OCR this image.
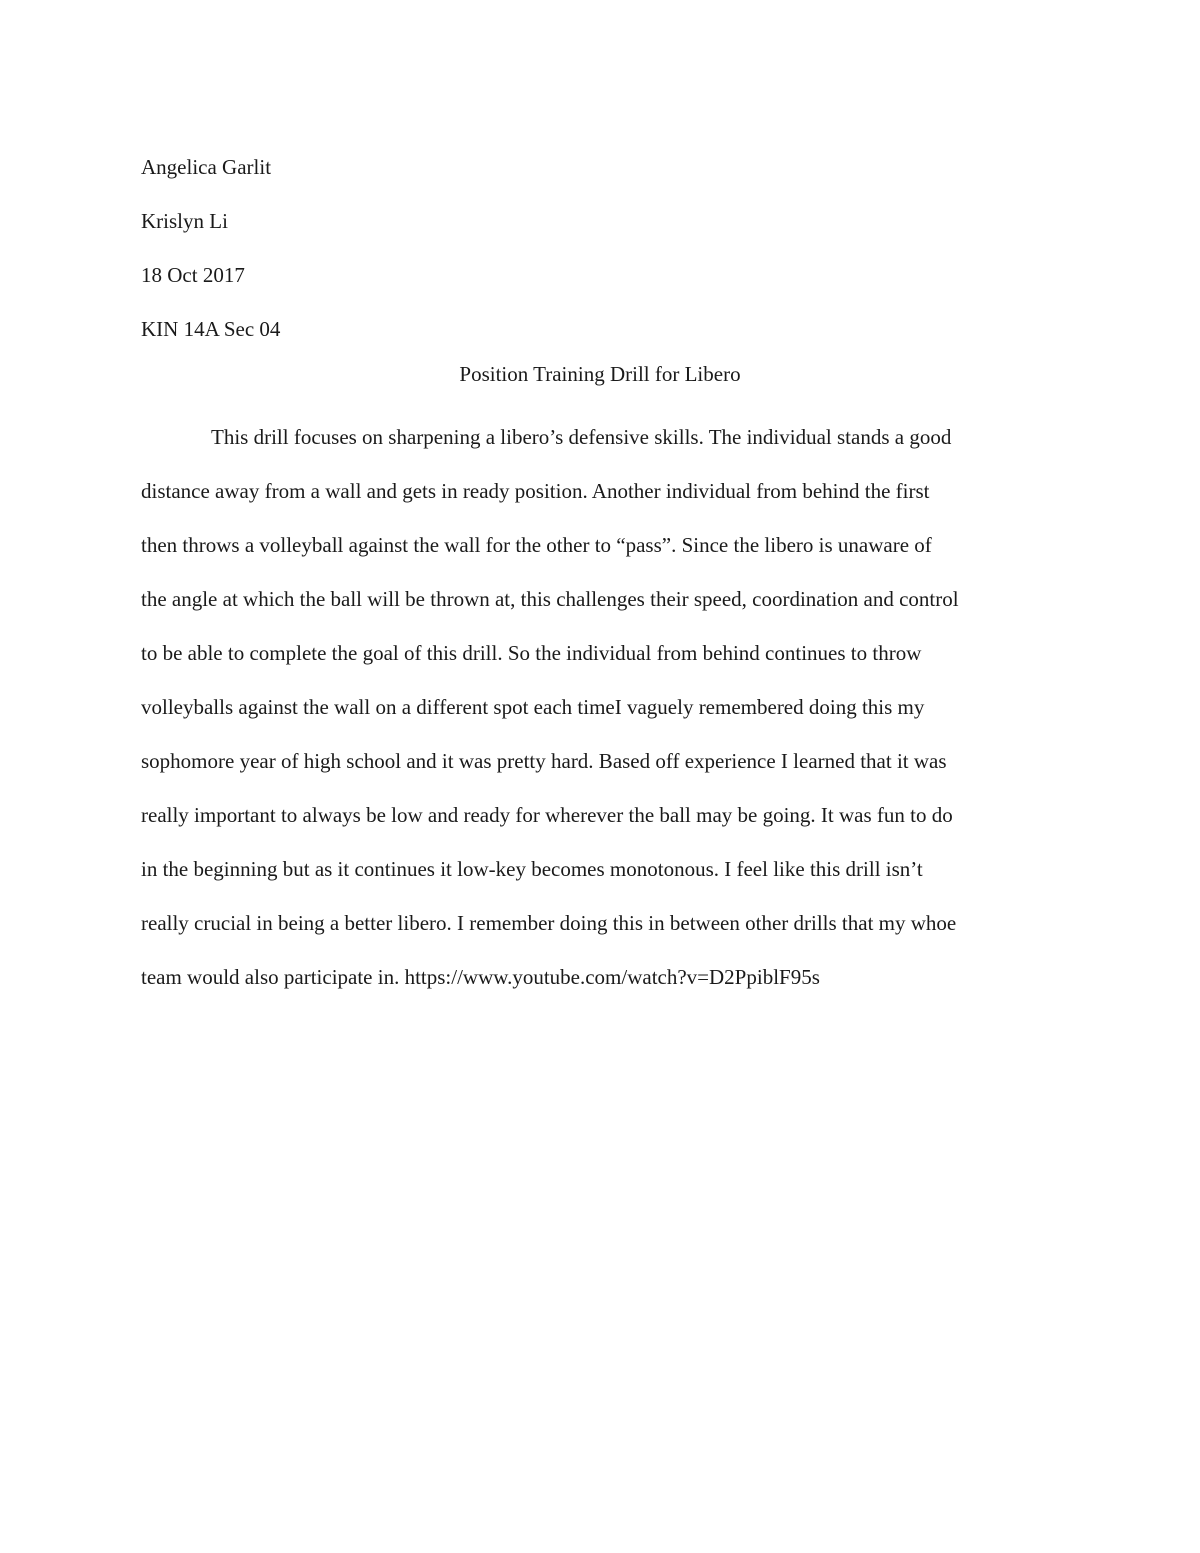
Angelica Garlit

Krislyn Li

18 Oct 2017

KIN 14A Sec 04

Position Training Drill for Libero

This drill focuses on sharpening a libero’s defensive skills. The individual stands a good

distance away from a wall and gets in ready position. Another individual from behind the first

then throws a volleyball against the wall for the other to “pass”. Since the libero is unaware of

the angle at which the ball will be thrown at, this challenges their speed, coordination and control

to be able to complete the goal of this drill. So the individual from behind continues to throw

volleyballs against the wall on a different spot each timeI vaguely remembered doing this my

sophomore year of high school and it was pretty hard. Based off experience I learned that it was

really important to always be low and ready for wherever the ball may be going. It was fun to do

in the beginning but as it continues it low-key becomes monotonous. I feel like this drill isn’t

really crucial in being a better libero. I remember doing this in between other drills that my whoe

team would also participate in. https://www.youtube.com/watch?v=D2PpiblF95s
